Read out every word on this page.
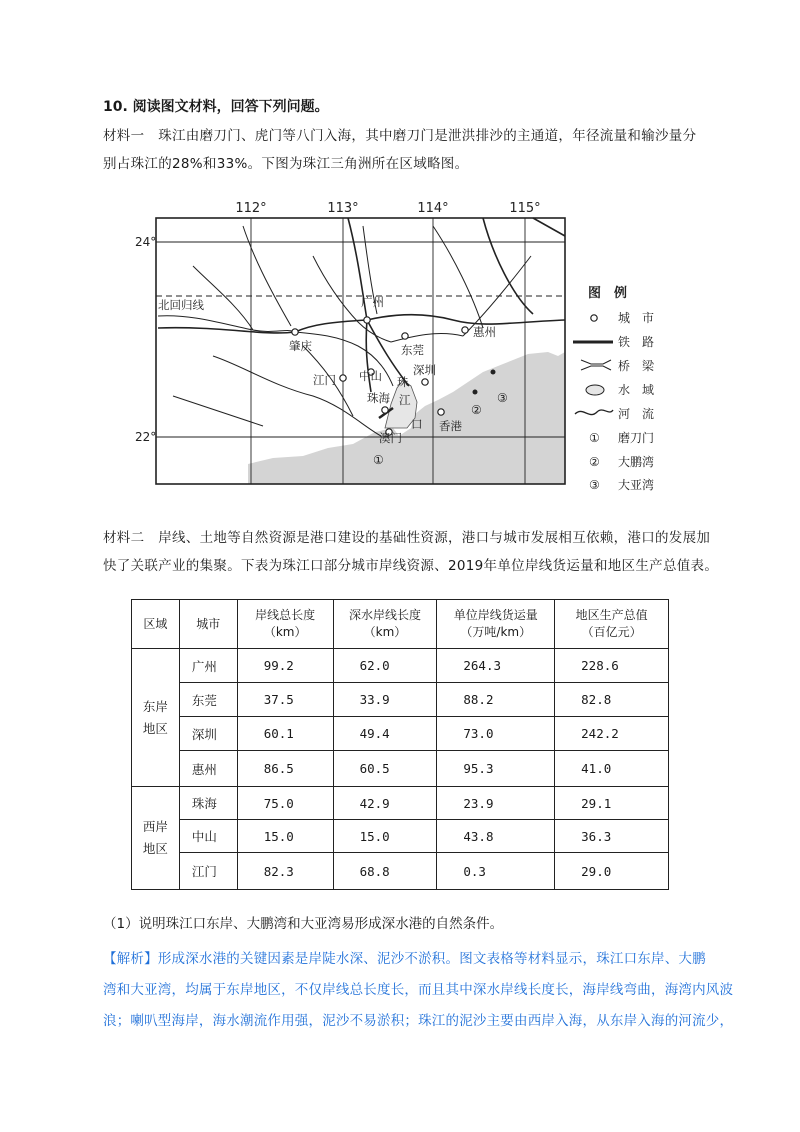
10. 阅读图文材料，回答下列问题。
材料一　珠江由磨刀门、虎门等八门入海，其中磨刀门是泄洪排沙的主通道，年径流量和输沙量分
别占珠江的28%和33%。下图为珠江三角洲所在区域略图。
112°	113°	114°	115°
24°
22°
北回归线	广州
肇庆	东莞
惠州
江门 中山
珠海
深圳
香港
澳门
珠
江
口
①
②
③
图　例
城　市
铁　路
桥　梁
水　域
河　流
① 磨刀门
② 大鹏湾
③ 大亚湾
材料二　岸线、土地等自然资源是港口建设的基础性资源，港口与城市发展相互依赖，港口的发展加
快了关联产业的集聚。下表为珠江口部分城市岸线资源、2019年单位岸线货运量和地区生产总值表。
区域	城市	岸线总长度
（km）	深水岸线长度
（km）	单位岸线货运量
（万吨/km）	地区生产总值
（百亿元）
东岸
地区	广州	99.2	62.0	264.3	228.6
	东莞	37.5	33.9	88.2	82.8
	深圳	60.1	49.4	73.0	242.2
	惠州	86.5	60.5	95.3	41.0
西岸
地区	珠海	75.0	42.9	23.9	29.1
	中山	15.0	15.0	43.8	36.3
	江门	82.3	68.8	0.3	29.0
（1）说明珠江口东岸、大鹏湾和大亚湾易形成深水港的自然条件。
【解析】形成深水港的关键因素是岸陡水深、泥沙不淤积。图文表格等材料显示，珠江口东岸、大鹏
湾和大亚湾，均属于东岸地区，不仅岸线总长度长，而且其中深水岸线长度长，海岸线弯曲，海湾内风波
浪；喇叭型海岸，海水潮流作用强，泥沙不易淤积；珠江的泥沙主要由西岸入海，从东岸入海的河流少，
